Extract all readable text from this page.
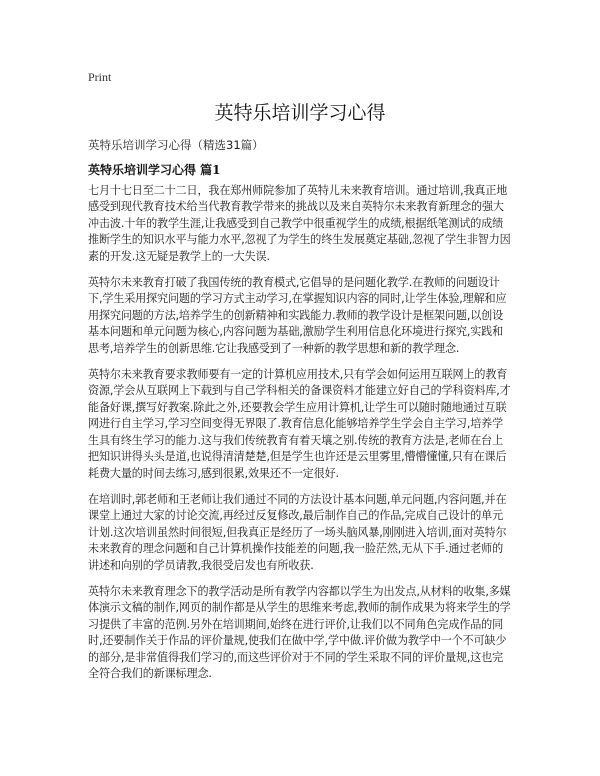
Print
英特乐培训学习心得
英特乐培训学习心得（精选31篇）
英特乐培训学习心得 篇1

七月十七日至二十二日，我在郑州师院参加了英特儿未来教育培训。通过培训,我真正地感受到现代教育技术给当代教育教学带来的挑战以及来自英特尔未来教育新理念的强大冲击波.十年的教学生涯,让我感受到自己教学中很重视学生的成绩,根据纸笔测试的成绩推断学生的知识水平与能力水平,忽视了为学生的终生发展奠定基础,忽视了学生非智力因素的开发.这无疑是教学上的一大失误.

英特尔未来教育打破了我国传统的教育模式,它倡导的是问题化教学.在教师的问题设计下,学生采用探究问题的学习方式主动学习,在掌握知识内容的同时,让学生体验,理解和应用探究问题的方法,培养学生的创新精神和实践能力.教师的教学设计是框架问题,以创设基本问题和单元问题为核心,内容问题为基础,激励学生利用信息化环境进行探究,实践和思考,培养学生的创新思维.它让我感受到了一种新的教学思想和新的教学理念.

英特尔未来教育要求教师要有一定的计算机应用技术,只有学会如何运用互联网上的教育资源,学会从互联网上下载到与自己学科相关的备课资料才能建立好自己的学科资料库,才能备好课,撰写好教案.除此之外,还要教会学生应用计算机,让学生可以随时随地通过互联网进行自主学习,学习空间变得无界限了.教育信息化能够培养学生学会自主学习,培养学生具有终生学习的能力.这与我们传统教育有着天壤之别.传统的教育方法是,老师在台上把知识讲得头头是道,也说得清清楚楚,但是学生也许还是云里雾里,懵懵懂懂,只有在课后耗费大量的时间去练习,感到很累,效果还不一定很好.

在培训时,郭老师和王老师让我们通过不同的方法设计基本问题,单元问题,内容问题,并在课堂上通过大家的讨论交流,再经过反复修改,最后制作自己的作品,完成自己设计的单元计划.这次培训虽然时间很短,但我真正是经历了一场头脑风暴,刚刚进入培训,面对英特尔未来教育的理念问题和自己计算机操作技能差的问题,我一脸茫然,无从下手.通过老师的讲述和向别的学员请教,我很受启发也有所收获.

英特尔未来教育理念下的教学活动是所有教学内容都以学生为出发点,从材料的收集,多媒体演示文稿的制作,网页的制作都是从学生的思维来考虑,教师的制作成果为将来学生的学习提供了丰富的范例.另外在培训期间,始终在进行评价,让我们以不同角色完成作品的同时,还要制作关于作品的评价量规,使我们在做中学,学中做.评价做为教学中一个不可缺少的部分,是非常值得我们学习的,而这些评价对于不同的学生采取不同的评价量规,这也完全符合我们的新课标理念.
